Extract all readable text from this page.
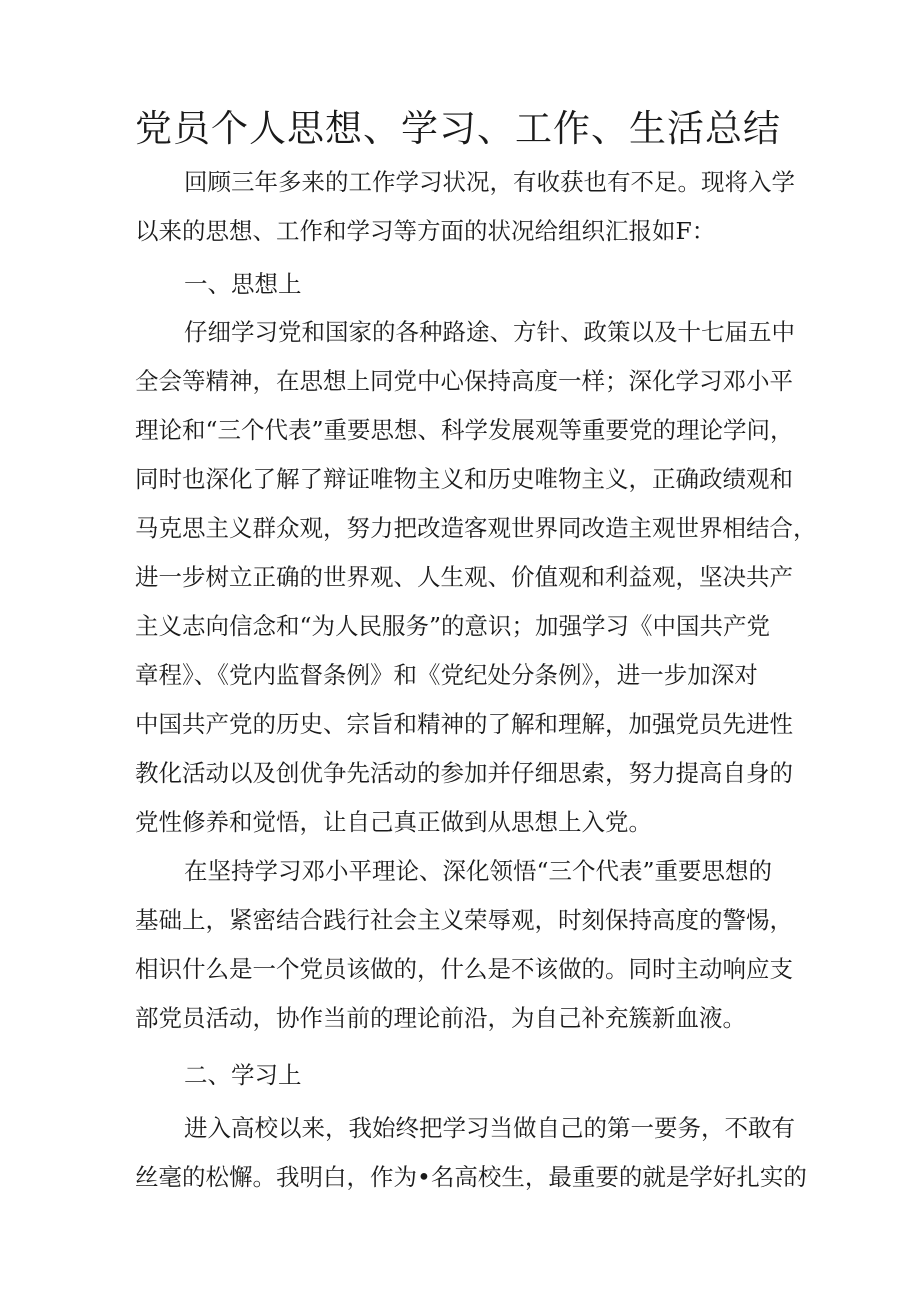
党员个人思想、学习、工作、生活总结

回顾三年多来的工作学习状况，有收获也有不足。现将入学

以来的思想、工作和学习等方面的状况给组织汇报如F：

一、思想上

仔细学习党和国家的各种路途、方针、政策以及十七届五中

全会等精神，在思想上同党中心保持高度一样；深化学习邓小平

理论和“三个代表”重要思想、科学发展观等重要党的理论学问，

同时也深化了解了辩证唯物主义和历史唯物主义，正确政绩观和

马克思主义群众观，努力把改造客观世界同改造主观世界相结合，

进一步树立正确的世界观、人生观、价值观和利益观，坚决共产

主义志向信念和“为人民服务”的意识；加强学习《中国共产党

章程》、《党内监督条例》和《党纪处分条例》，进一步加深对

中国共产党的历史、宗旨和精神的了解和理解，加强党员先进性

教化活动以及创优争先活动的参加并仔细思索，努力提高自身的

党性修养和觉悟，让自己真正做到从思想上入党。

在坚持学习邓小平理论、深化领悟“三个代表”重要思想的

基础上，紧密结合践行社会主义荣辱观，时刻保持高度的警惕，

相识什么是一个党员该做的，什么是不该做的。同时主动响应支

部党员活动，协作当前的理论前沿，为自己补充簇新血液。

二、学习上

进入高校以来，我始终把学习当做自己的第一要务，不敢有

丝毫的松懈。我明白，作为•名高校生，最重要的就是学好扎实的
